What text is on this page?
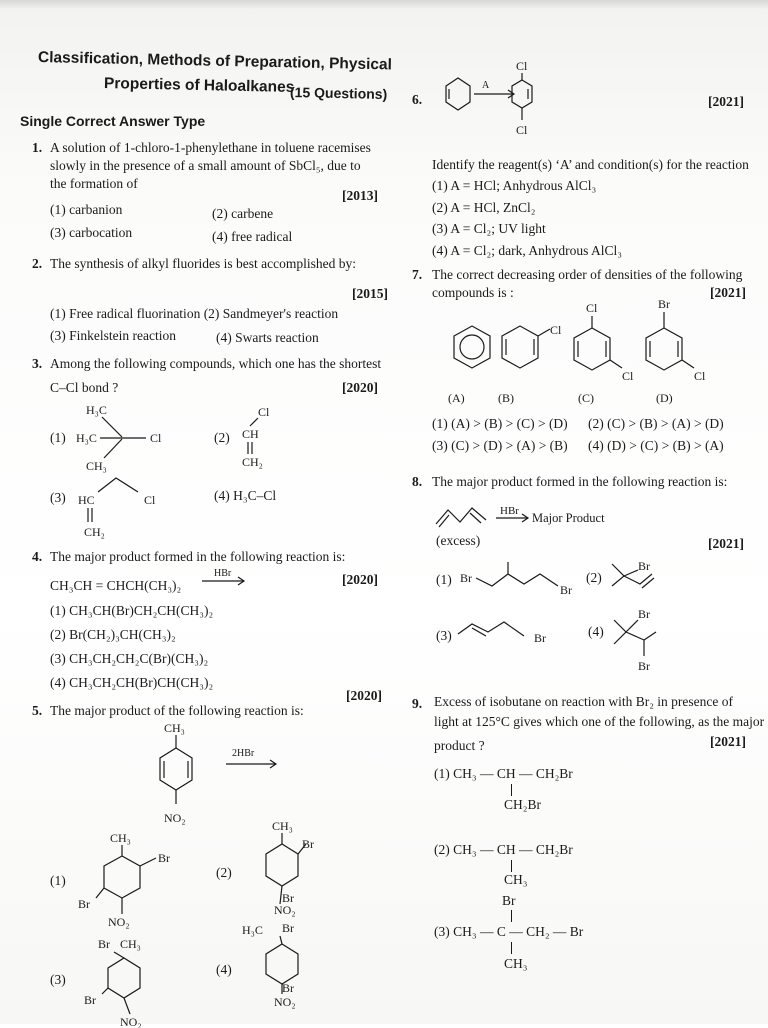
Classification, Methods of Preparation, Physical
Properties of Haloalkanes
(15 Questions)
Single Correct Answer Type
1. A solution of 1-chloro-1-phenylethane in toluene racemises
slowly in the presence of a small amount of SbCl₅, due to
the formation of
[2013]
(1) carbanion	(2) carbene
(3) carbocation	(4) free radical
2. The synthesis of alkyl fluorides is best accomplished by:
[2015]
(1) Free radical fluorination (2) Sandmeyer's reaction
(3) Finkelstein reaction	(4) Swarts reaction
3. Among the following compounds, which one has the shortest
C–Cl bond ?	[2020]
(1)
H₃C
H₃C	Cl
CH₃
(2)
Cl
CH
CH₂
(3) HC	Cl
CH₂
(4) H₃C–Cl
4. The major product formed in the following reaction is:
CH₃CH = CHCH(CH₃)₂
HBr	[2020]
(1) CH₃CH(Br)CH₂CH(CH₃)₂
(2) Br(CH₂)₃CH(CH₃)₂
(3) CH₃CH₂CH₂C(Br)(CH₃)₂
(4) CH₃CH₂CH(Br)CH(CH₃)₂
5. The major product of the following reaction is:
[2020]
CH₃
NO₂
2HBr
(1)
CH₃
Br
Br
NO₂
(2)
CH₃
Br
Br
NO₂
(3)
Br CH₃
Br
NO₂
(4)
H₃C Br
Br
NO₂
6.
A
Cl
Cl
[2021]
Identify the reagent(s) ‘A’ and condition(s) for the reaction
(1) A = HCl; Anhydrous AlCl₃
(2) A = HCl, ZnCl₂
(3) A = Cl₂; UV light
(4) A = Cl₂; dark, Anhydrous AlCl₃
7. The correct decreasing order of densities of the following
compounds is :	[2021]
Cl
Cl
Cl
Br
Cl
(A)	(B)	(C)	(D)
(1) (A) > (B) > (C) > (D) (2) (C) > (B) > (A) > (D)
(3) (C) > (D) > (A) > (B) (4) (D) > (C) > (B) > (A)
8. The major product formed in the following reaction is:
HBr Major Product
(excess)	[2021]
(1) Br
Br
(2)
Br
(3)	Br	(4)
Br
Br
9. Excess of isobutane on reaction with Br₂ in presence of
light at 125°C gives which one of the following, as the major
product ?	[2021]
(1) CH₃ — CH — CH₂Br
CH₂Br
(2) CH₃ — CH — CH₂Br
CH₃
Br
(3) CH₃ — C — CH₂ — Br
CH₃
